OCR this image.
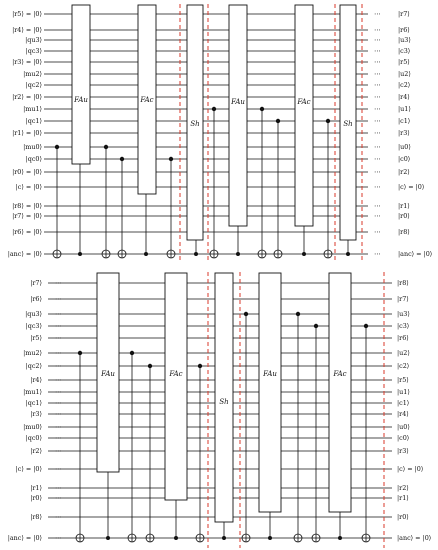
|r5⟩ = |0⟩
|r4⟩ = |0⟩
|qu3⟩
|qc3⟩
|r3⟩ = |0⟩
|mu2⟩
|qc2⟩
|r2⟩ = |0⟩
|mu1⟩
|qc1⟩
|r1⟩ = |0⟩
|mu0⟩
|qc0⟩
|r0⟩ = |0⟩
|c⟩ = |0⟩
|r8⟩ = |0⟩
|r7⟩ = |0⟩
|r6⟩ = |0⟩
|anc⟩ = |0⟩
⋯
⋯
⋯
⋯
⋯
⋯
⋯
⋯
⋯
⋯
⋯
⋯
⋯
⋯
⋯
⋯
⋯
⋯
⋯
|r7⟩
|r6⟩
|u3⟩
|c3⟩
|r5⟩
|u2⟩
|c2⟩
|r4⟩
|u1⟩
|c1⟩
|r3⟩
|u0⟩
|c0⟩
|r2⟩
|c⟩ = |0⟩
|r1⟩
|r0⟩
|r8⟩
|anc⟩ = |0⟩
FAu	FAc
Sh
FAu	FAc
Sh
|r7⟩
|r6⟩
|qu3⟩
|qc3⟩
|r5⟩
|mu2⟩
|qc2⟩
|r4⟩
|mu1⟩
|qc1⟩
|r3⟩
|mu0⟩
|qc0⟩
|r2⟩
|c⟩ = |0⟩
|r1⟩
|r0⟩
|r8⟩
|anc⟩ = |0⟩
⋯
⋯
⋯
⋯
⋯
⋯
⋯
⋯
⋯
⋯
⋯
⋯
⋯
⋯
⋯
⋯
⋯
⋯
⋯
|r8⟩
|r7⟩
|u3⟩
|c3⟩
|r6⟩
|u2⟩
|c2⟩
|r5⟩
|u1⟩
|c1⟩
|r4⟩
|u0⟩
|c0⟩
|r3⟩
|c⟩ = |0⟩
|r2⟩
|r1⟩
|r0⟩
|anc⟩ = |0⟩
FAu	FAc
Sh
FAu	FAc
